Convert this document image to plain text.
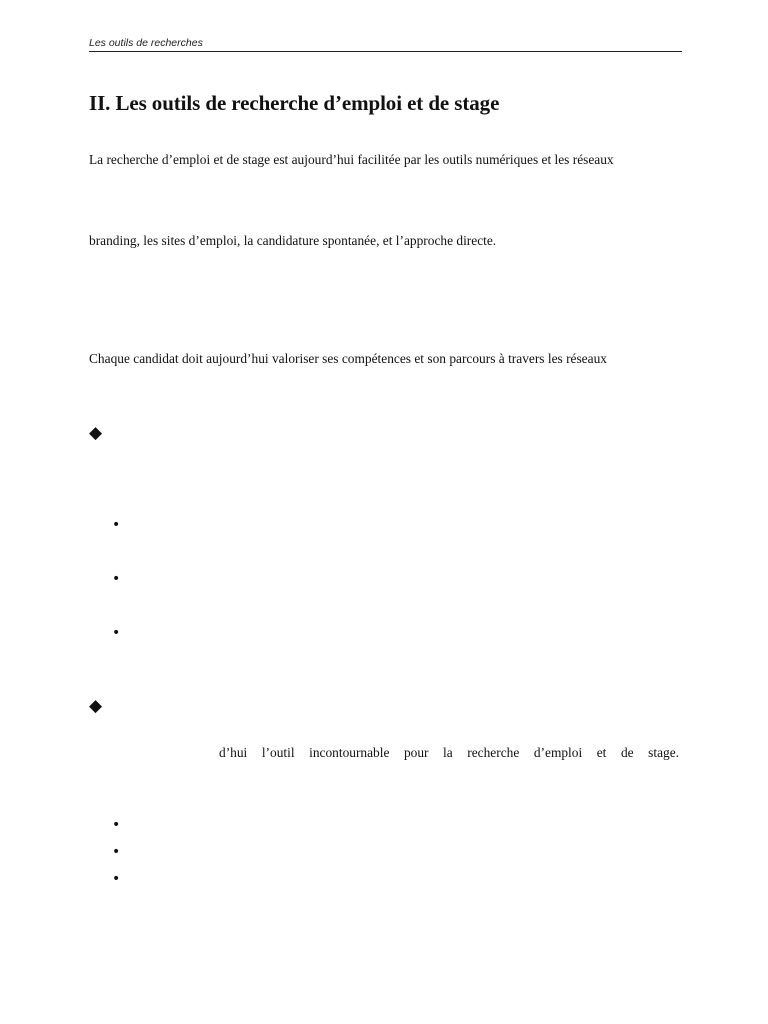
Les outils de recherches
II. Les outils de recherche d’emploi et de stage

La recherche d’emploi et de stage est aujourd’hui facilitée par les outils numériques et les réseaux

branding, les sites d’emploi, la candidature spontanée, et l’approche directe.

Chaque candidat doit aujourd’hui valoriser ses compétences et son parcours à travers les réseaux

◆
•
•
•
◆

d’hui l’outil incontournable pour la recherche d’emploi et de stage.

•
•
•
